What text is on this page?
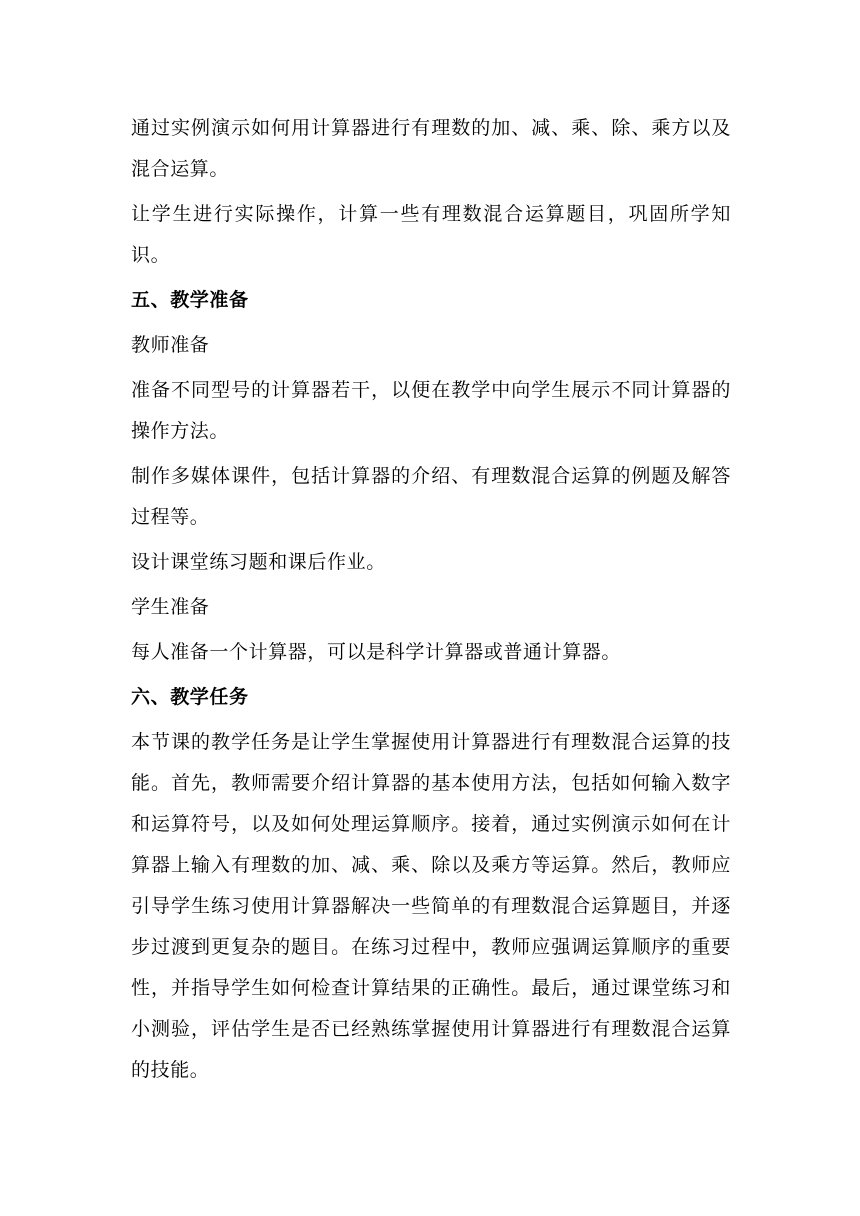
通过实例演示如何用计算器进行有理数的加、减、乘、除、乘方以及混合运算。

让学生进行实际操作，计算一些有理数混合运算题目，巩固所学知识。

五、教学准备

教师准备

准备不同型号的计算器若干，以便在教学中向学生展示不同计算器的操作方法。

制作多媒体课件，包括计算器的介绍、有理数混合运算的例题及解答过程等。

设计课堂练习题和课后作业。

学生准备

每人准备一个计算器，可以是科学计算器或普通计算器。

六、教学任务

本节课的教学任务是让学生掌握使用计算器进行有理数混合运算的技能。首先，教师需要介绍计算器的基本使用方法，包括如何输入数字和运算符号，以及如何处理运算顺序。接着，通过实例演示如何在计算器上输入有理数的加、减、乘、除以及乘方等运算。然后，教师应引导学生练习使用计算器解决一些简单的有理数混合运算题目，并逐步过渡到更复杂的题目。在练习过程中，教师应强调运算顺序的重要性，并指导学生如何检查计算结果的正确性。最后，通过课堂练习和小测验，评估学生是否已经熟练掌握使用计算器进行有理数混合运算的技能。
